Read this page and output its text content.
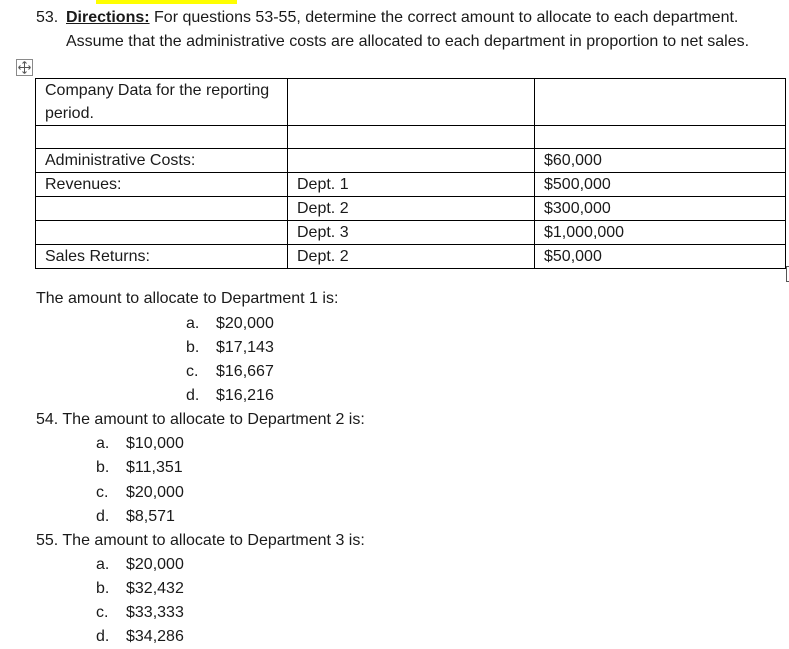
53. Directions: For questions 53-55, determine the correct amount to allocate to each department. Assume that the administrative costs are allocated to each department in proportion to net sales.
Company Data for the reporting period.		

Administrative Costs:		$60,000
Revenues:	Dept. 1	$500,000
	Dept. 2	$300,000
	Dept. 3	$1,000,000
Sales Returns:	Dept. 2	$50,000
The amount to allocate to Department 1 is:
a. $20,000
b. $17,143
c. $16,667
d. $16,216
54. The amount to allocate to Department 2 is:
a. $10,000
b. $11,351
c. $20,000
d. $8,571
55. The amount to allocate to Department 3 is:
a. $20,000
b. $32,432
c. $33,333
d. $34,286
